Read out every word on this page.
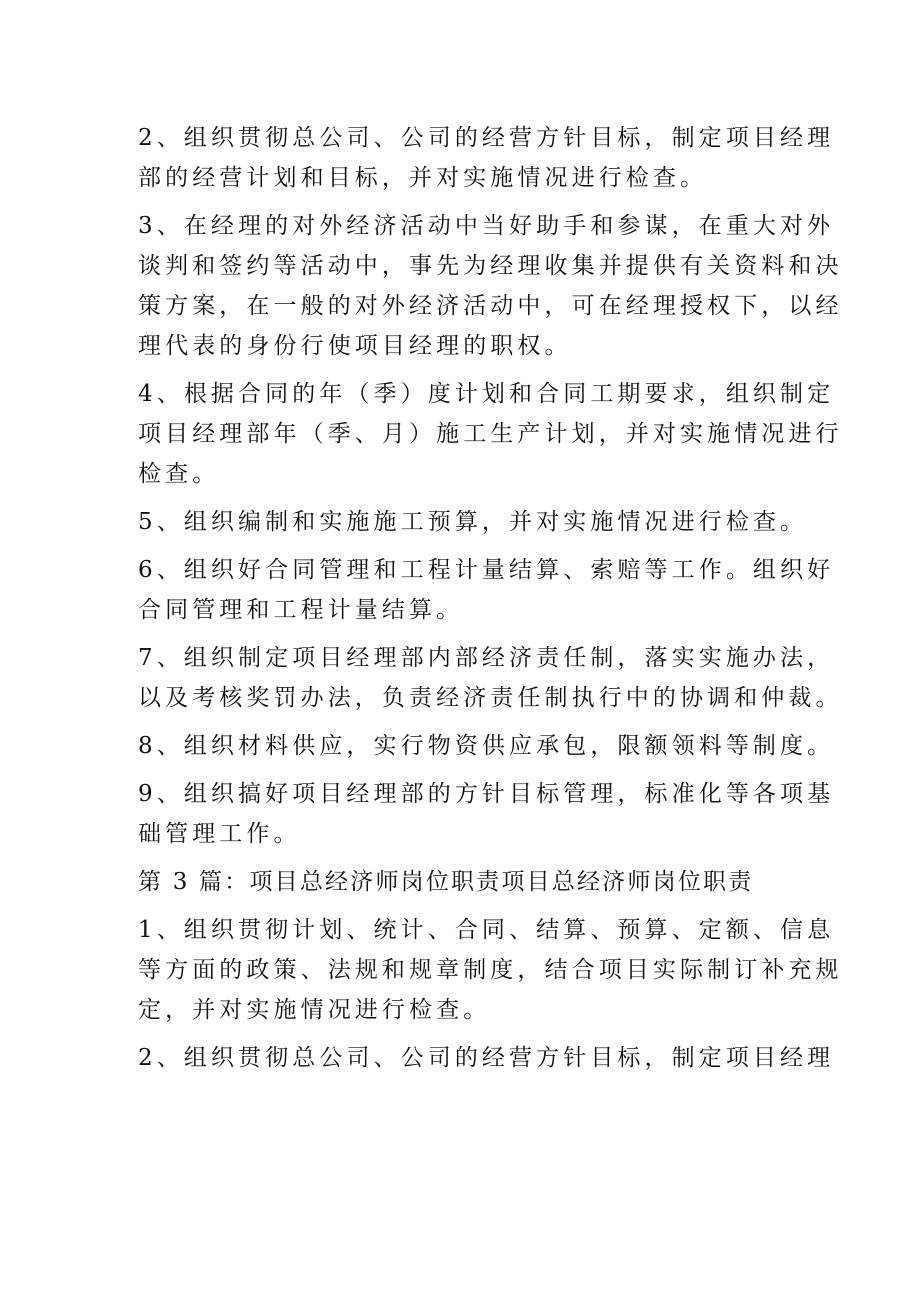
2、组织贯彻总公司、公司的经营方针目标，制定项目经理
部的经营计划和目标，并对实施情况进行检查。
3、在经理的对外经济活动中当好助手和参谋，在重大对外
谈判和签约等活动中，事先为经理收集并提供有关资料和决
策方案，在一般的对外经济活动中，可在经理授权下，以经
理代表的身份行使项目经理的职权。
4、根据合同的年（季）度计划和合同工期要求，组织制定
项目经理部年（季、月）施工生产计划，并对实施情况进行
检查。
5、组织编制和实施施工预算，并对实施情况进行检查。
6、组织好合同管理和工程计量结算、索赔等工作。组织好
合同管理和工程计量结算。
7、组织制定项目经理部内部经济责任制，落实实施办法，
以及考核奖罚办法，负责经济责任制执行中的协调和仲裁。
8、组织材料供应，实行物资供应承包，限额领料等制度。
9、组织搞好项目经理部的方针目标管理，标准化等各项基
础管理工作。
第 3 篇：项目总经济师岗位职责项目总经济师岗位职责
1、组织贯彻计划、统计、合同、结算、预算、定额、信息
等方面的政策、法规和规章制度，结合项目实际制订补充规
定，并对实施情况进行检查。
2、组织贯彻总公司、公司的经营方针目标，制定项目经理
